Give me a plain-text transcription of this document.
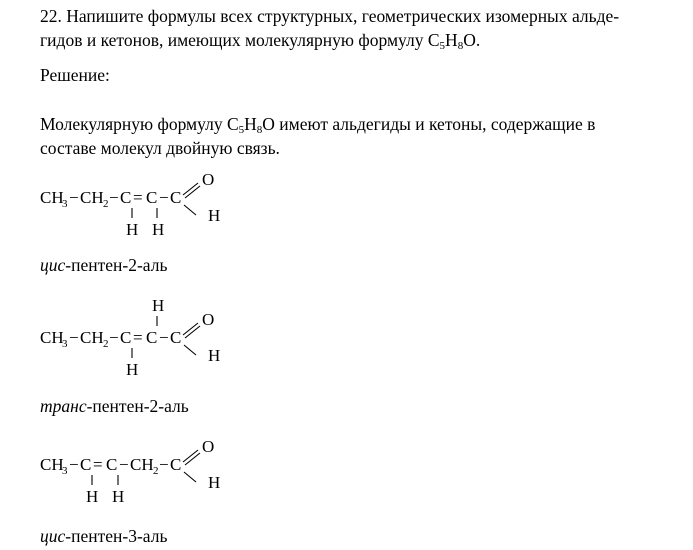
22. Напишите формулы всех структурных, геометрических изомерных альде-
гидов и кетонов, имеющих молекулярную формулу $C_5H_8O$.

Решение:

Молекулярную формулу $C_5H_8O$ имеют альдегиды и кетоны, содержащие в
составе молекул двойную связь.

CH
3 − CH 2 − C = C − C
O
H
H H
цис-пентен-2-аль
H
CH
3 − CH 2 − C = C − C
O
H
H
транс-пентен-2-аль
CH
3 − C = C − CH 2 − C
O
H
H H
цис-пентен-3-аль
